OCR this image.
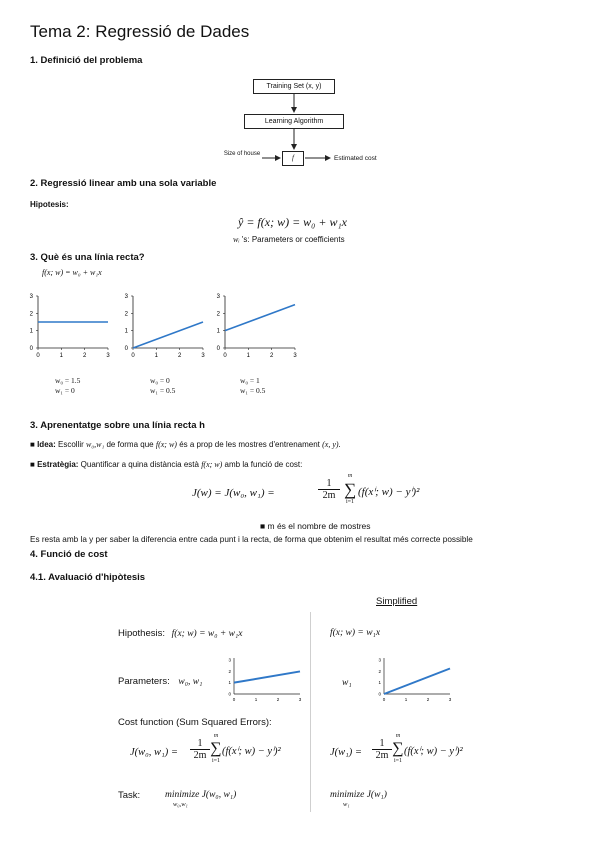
Tema 2: Regressió de Dades
1. Definició del problema
Training Set (x, y)
Learning Algorithm
f
Size of house
Estimated cost
2. Regressió linear amb una sola variable
Hipotesis:
ŷ = f(x; w) = w₀ + w₁x
wᵢ 's: Parameters or coefficients
3. Què és una línia recta?
f(x; w) = w₀ + w₁x
0
0
1
1
2
2
3
3
0
0
1
1
2
2
3
3
0
0
1
1
2
2
3
3
w₀ = 1.5
w₁ = 0
w₀ = 0
w₁ = 0.5
w₀ = 1
w₁ = 0.5
3. Aprenentatge sobre una línia recta h
■ Idea: Escollir w₀,w₁ de forma que f(x; w) és a prop de les mostres d'entrenament (x, y).
■ Estratègia: Quantificar a quina distància està f(x; w) amb la funció de cost:
J(w) = J(w₀, w₁) =	$\frac{1}{2m}$
m
∑
i=1
(f(xⁱ; w) − yⁱ)²
■ m és el nombre de mostres
Es resta amb la y per saber la diferencia entre cada punt i la recta, de forma que obtenim el resultat més correcte possible
4. Funció de cost
4.1. Avaluació d'hipòtesis
Simplified
Hipothesis: f(x; w) = w₀ + w₁x	f(x; w) = w₁x
Parameters: w₀, w₁	w₁
0
0
1
1
2
2
3
3
0
0
1
1
2
2
3
3
Cost function (Sum Squared Errors):
J(w₀, $w_1) = \frac{1}{2m}$
m
∑
i=1
(f(xⁱ; w) − yⁱ)²	$J(w_1) = \frac{1}{2m}$
m
∑
i=1
(f(xⁱ; w) − yⁱ)²
Task:	minimize J(w₀, w₁)
w₀,w₁
minimize J(w₁)
w₁
